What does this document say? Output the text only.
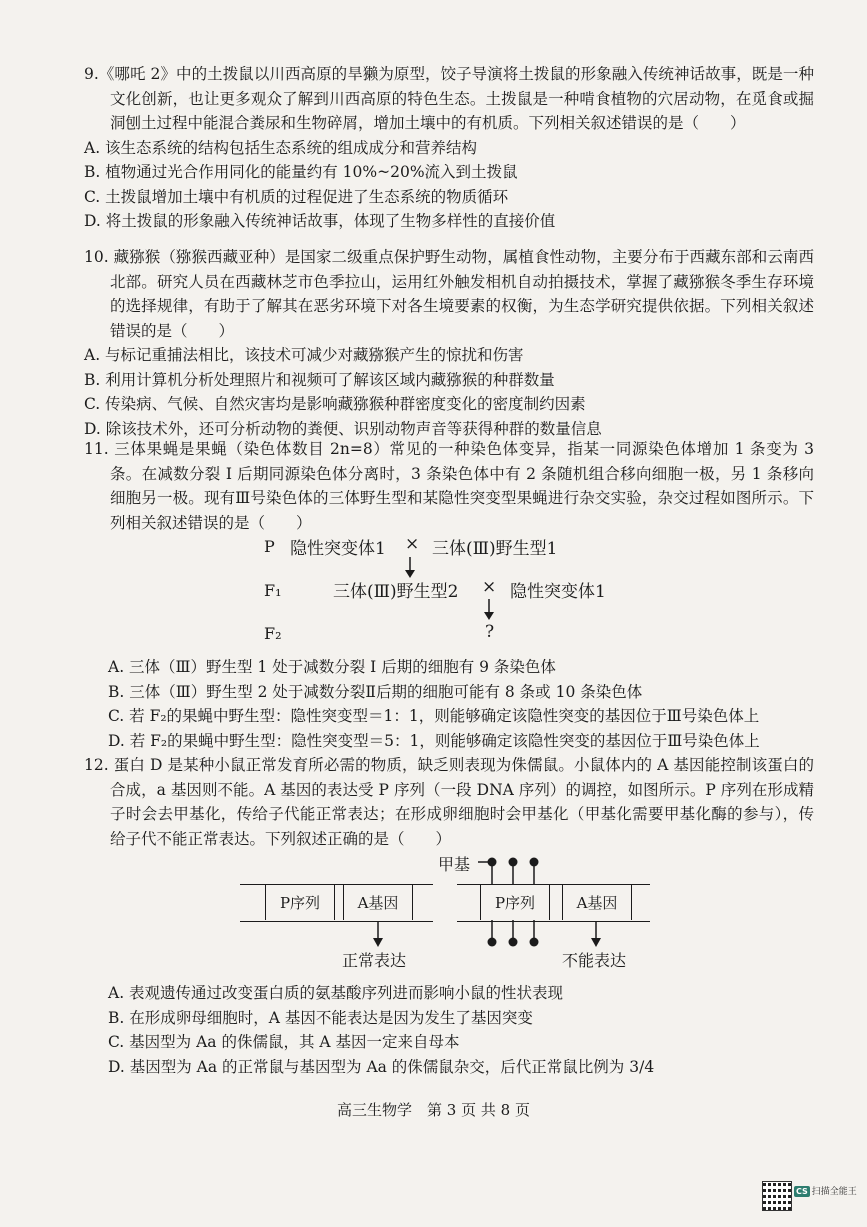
9.《哪吒 2》中的土拨鼠以川西高原的旱獭为原型，饺子导演将土拨鼠的形象融入传统神话故事，既是一种文化创新，也让更多观众了解到川西高原的特色生态。土拨鼠是一种啃食植物的穴居动物，在觅食或掘洞刨土过程中能混合粪尿和生物碎屑，增加土壤中的有机质。下列相关叙述错误的是（　　）

A. 该生态系统的结构包括生态系统的组成成分和营养结构

B. 植物通过光合作用同化的能量约有 10%~20%流入到土拨鼠

C. 土拨鼠增加土壤中有机质的过程促进了生态系统的物质循环

D. 将土拨鼠的形象融入传统神话故事，体现了生物多样性的直接价值

10. 藏猕猴（猕猴西藏亚种）是国家二级重点保护野生动物，属植食性动物，主要分布于西藏东部和云南西北部。研究人员在西藏林芝市色季拉山，运用红外触发相机自动拍摄技术，掌握了藏猕猴冬季生存环境的选择规律，有助于了解其在恶劣环境下对各生境要素的权衡，为生态学研究提供依据。下列相关叙述错误的是（　　）

A. 与标记重捕法相比，该技术可减少对藏猕猴产生的惊扰和伤害

B. 利用计算机分析处理照片和视频可了解该区域内藏猕猴的种群数量

C. 传染病、气候、自然灾害均是影响藏猕猴种群密度变化的密度制约因素

D. 除该技术外，还可分析动物的粪便、识别动物声音等获得种群的数量信息

11. 三体果蝇是果蝇（染色体数目 2n=8）常见的一种染色体变异，指某一同源染色体增加 1 条变为 3 条。在减数分裂 I 后期同源染色体分离时，3 条染色体中有 2 条随机组合移向细胞一极，另 1 条移向细胞另一极。现有Ⅲ号染色体的三体野生型和某隐性突变型果蝇进行杂交实验，杂交过程如图所示。下列相关叙述错误的是（　　）

P 隐性突变体1 × 三体(Ⅲ)野生型1
F₁	三体(Ⅲ)野生型2 × 隐性突变体1
F₂	?

A. 三体（Ⅲ）野生型 1 处于减数分裂 I 后期的细胞有 9 条染色体

B. 三体（Ⅲ）野生型 2 处于减数分裂Ⅱ后期的细胞可能有 8 条或 10 条染色体

C. 若 F₂的果蝇中野生型：隐性突变型＝1：1，则能够确定该隐性突变的基因位于Ⅲ号染色体上

D. 若 F₂的果蝇中野生型：隐性突变型＝5：1，则能够确定该隐性突变的基因位于Ⅲ号染色体上

12. 蛋白 D 是某种小鼠正常发育所必需的物质，缺乏则表现为侏儒鼠。小鼠体内的 A 基因能控制该蛋白的合成，a 基因则不能。A 基因的表达受 P 序列（一段 DNA 序列）的调控，如图所示。P 序列在形成精子时会去甲基化，传给子代能正常表达；在形成卵细胞时会甲基化（甲基化需要甲基化酶的参与），传给子代不能正常表达。下列叙述正确的是（　　）

P序列	A基因
正常表达
P序列	A基因
甲基
不能表达

A. 表观遗传通过改变蛋白质的氨基酸序列进而影响小鼠的性状表现

B. 在形成卵母细胞时，A 基因不能表达是因为发生了基因突变

C. 基因型为 Aa 的侏儒鼠，其 A 基因一定来自母本

D. 基因型为 Aa 的正常鼠与基因型为 Aa 的侏儒鼠杂交，后代正常鼠比例为 3/4

高三生物学　第 3 页 共 8 页
CS 扫描全能王
